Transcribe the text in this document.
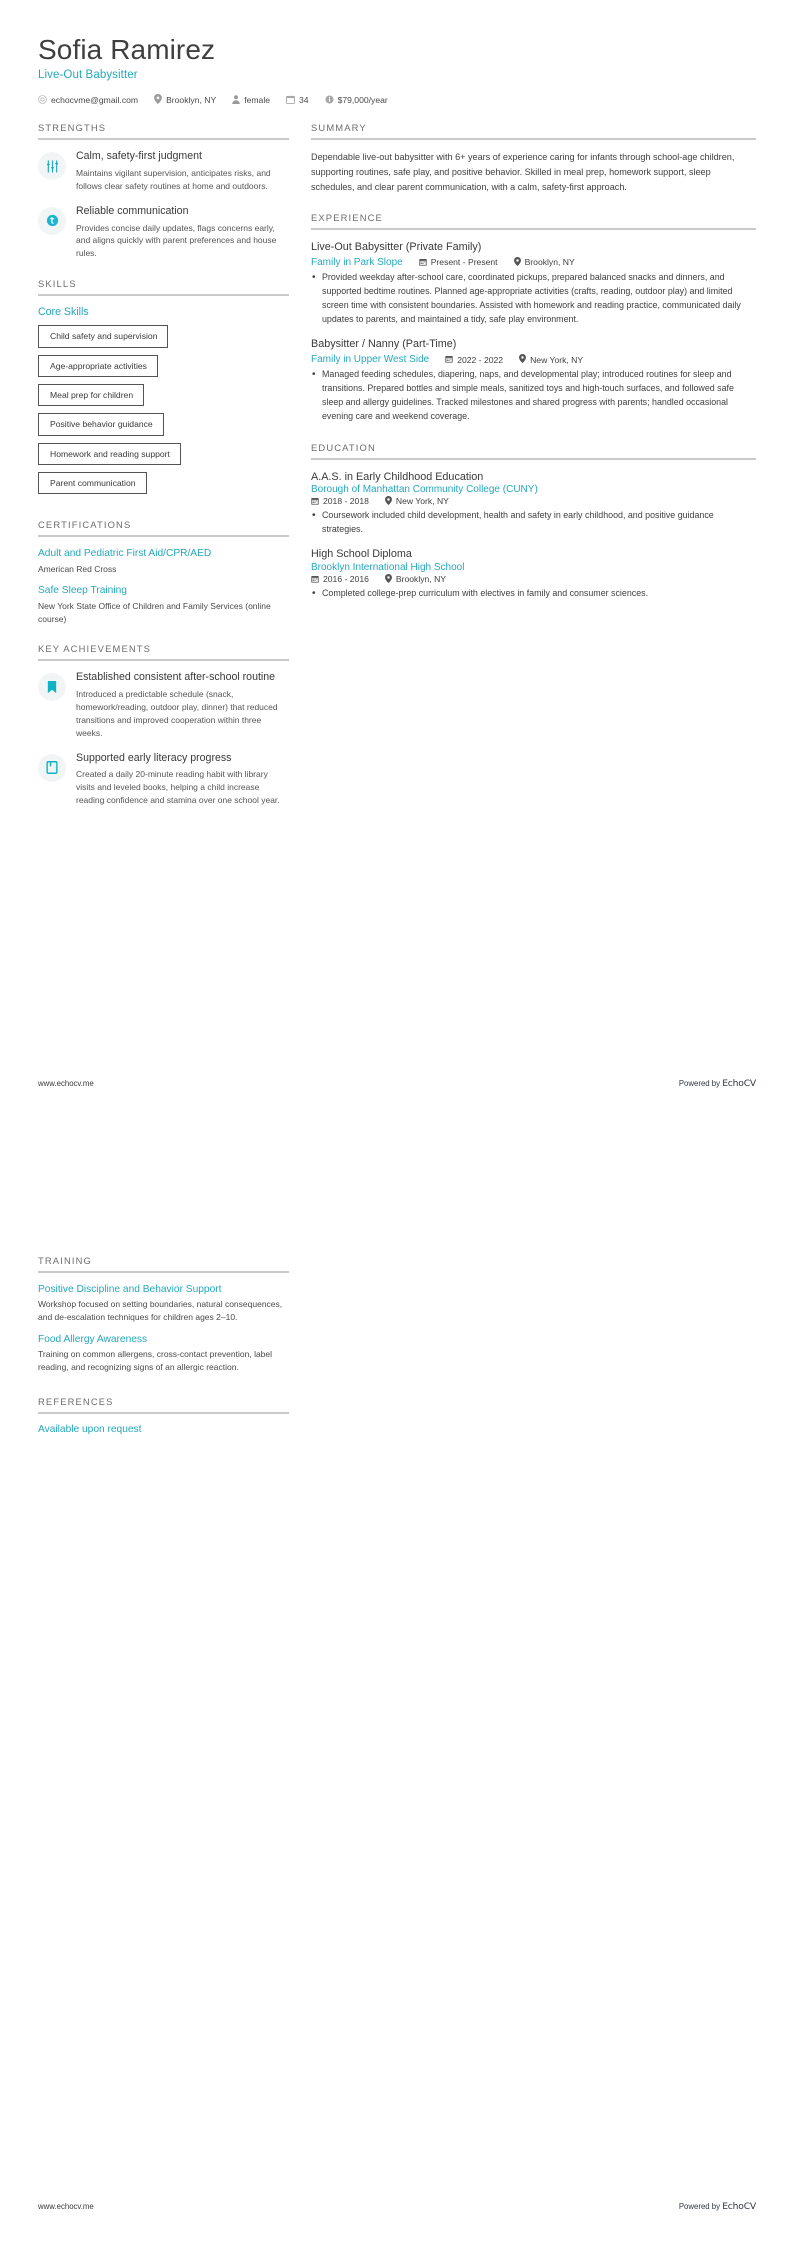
Sofia Ramirez
Live-Out Babysitter
echocvme@gmail.com	Brooklyn, NY	female	34	$79,000/year
STRENGTHS
Calm, safety-first judgment
Maintains vigilant supervision, anticipates risks, and follows clear safety routines at home and outdoors.
Reliable communication
Provides concise daily updates, flags concerns early, and aligns quickly with parent preferences and house rules.
SKILLS
Core Skills
Child safety and supervision
Age-appropriate activities
Meal prep for children
Positive behavior guidance
Homework and reading support
Parent communication
CERTIFICATIONS
Adult and Pediatric First Aid/CPR/AED
American Red Cross
Safe Sleep Training
New York State Office of Children and Family Services (online course)
KEY ACHIEVEMENTS
Established consistent after-school routine
Introduced a predictable schedule (snack, homework/reading, outdoor play, dinner) that reduced transitions and improved cooperation within three weeks.
Supported early literacy progress
Created a daily 20-minute reading habit with library visits and leveled books, helping a child increase reading confidence and stamina over one school year.
SUMMARY
Dependable live-out babysitter with 6+ years of experience caring for infants through school-age children, supporting routines, safe play, and positive behavior. Skilled in meal prep, homework support, sleep schedules, and clear parent communication, with a calm, safety-first approach.
EXPERIENCE
Live-Out Babysitter (Private Family)
Family in Park Slope	Present - Present	Brooklyn, NY
• Provided weekday after-school care, coordinated pickups, prepared balanced snacks and dinners, and supported bedtime routines. Planned age-appropriate activities (crafts, reading, outdoor play) and limited screen time with consistent boundaries. Assisted with homework and reading practice, communicated daily updates to parents, and maintained a tidy, safe play environment.
Babysitter / Nanny (Part-Time)
Family in Upper West Side	2022 - 2022	New York, NY
• Managed feeding schedules, diapering, naps, and developmental play; introduced routines for sleep and transitions. Prepared bottles and simple meals, sanitized toys and high-touch surfaces, and followed safe sleep and allergy guidelines. Tracked milestones and shared progress with parents; handled occasional evening care and weekend coverage.
EDUCATION
A.A.S. in Early Childhood Education
Borough of Manhattan Community College (CUNY)
2018 - 2018	New York, NY
• Coursework included child development, health and safety in early childhood, and positive guidance strategies.
High School Diploma
Brooklyn International High School
2016 - 2016	Brooklyn, NY
• Completed college-prep curriculum with electives in family and consumer sciences.
www.echocv.me	Powered by EchoCV
TRAINING
Positive Discipline and Behavior Support
Workshop focused on setting boundaries, natural consequences, and de-escalation techniques for children ages 2–10.
Food Allergy Awareness
Training on common allergens, cross-contact prevention, label reading, and recognizing signs of an allergic reaction.
REFERENCES
Available upon request
www.echocv.me	Powered by EchoCV
